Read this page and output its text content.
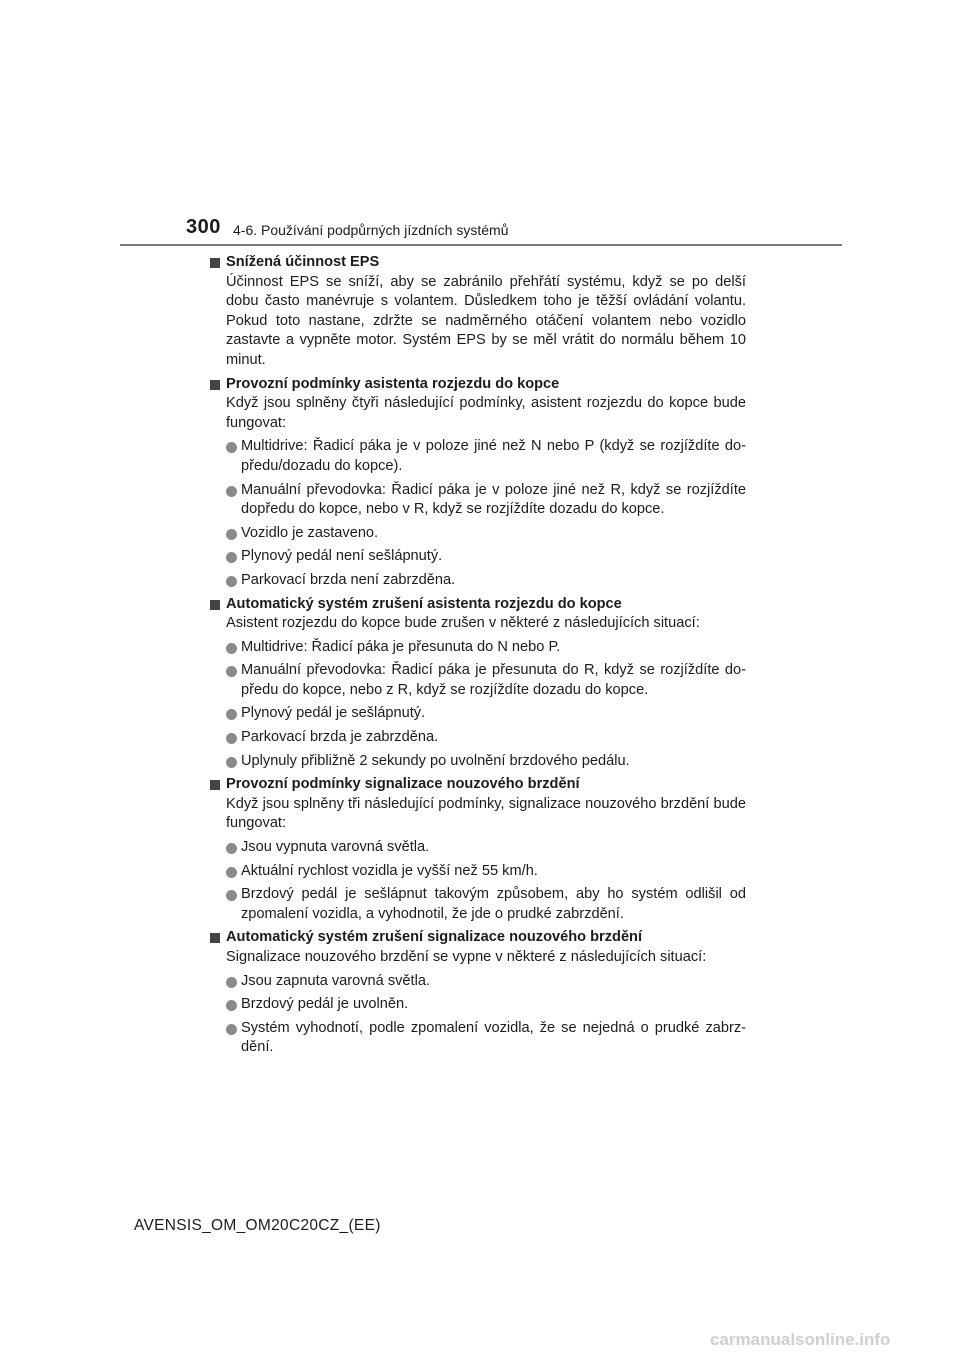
300 4-6. Používání podpůrných jízdních systémů
Snížená účinnost EPS
Účinnost EPS se sníží, aby se zabránilo přehřátí systému, když se po delší dobu často manévruje s volantem. Důsledkem toho je těžší ovládání volantu. Pokud toto nastane, zdržte se nadměrného otáčení volantem nebo vozidlo zastavte a vypněte motor. Systém EPS by se měl vrátit do normálu během 10 minut.
Provozní podmínky asistenta rozjezdu do kopce
Když jsou splněny čtyři následující podmínky, asistent rozjezdu do kopce bude fungovat:
Multidrive: Řadicí páka je v poloze jiné než N nebo P (když se rozjíždíte do-předu/dozadu do kopce).
Manuální převodovka: Řadicí páka je v poloze jiné než R, když se rozjíždíte dopředu do kopce, nebo v R, když se rozjíždíte dozadu do kopce.
Vozidlo je zastaveno.
Plynový pedál není sešlápnutý.
Parkovací brzda není zabrzděna.
Automatický systém zrušení asistenta rozjezdu do kopce
Asistent rozjezdu do kopce bude zrušen v některé z následujících situací:
Multidrive: Řadicí páka je přesunuta do N nebo P.
Manuální převodovka: Řadicí páka je přesunuta do R, když se rozjíždíte do-předu do kopce, nebo z R, když se rozjíždíte dozadu do kopce.
Plynový pedál je sešlápnutý.
Parkovací brzda je zabrzděna.
Uplynuly přibližně 2 sekundy po uvolnění brzdového pedálu.
Provozní podmínky signalizace nouzového brzdění
Když jsou splněny tři následující podmínky, signalizace nouzového brzdění bude fungovat:
Jsou vypnuta varovná světla.
Aktuální rychlost vozidla je vyšší než 55 km/h.
Brzdový pedál je sešlápnut takovým způsobem, aby ho systém odlišil od zpomalení vozidla, a vyhodnotil, že jde o prudké zabrzdění.
Automatický systém zrušení signalizace nouzového brzdění
Signalizace nouzového brzdění se vypne v některé z následujících situací:
Jsou zapnuta varovná světla.
Brzdový pedál je uvolněn.
Systém vyhodnotí, podle zpomalení vozidla, že se nejedná o prudké zabrz-dění.
AVENSIS_OM_OM20C20CZ_(EE)
carmanualsonline.info
